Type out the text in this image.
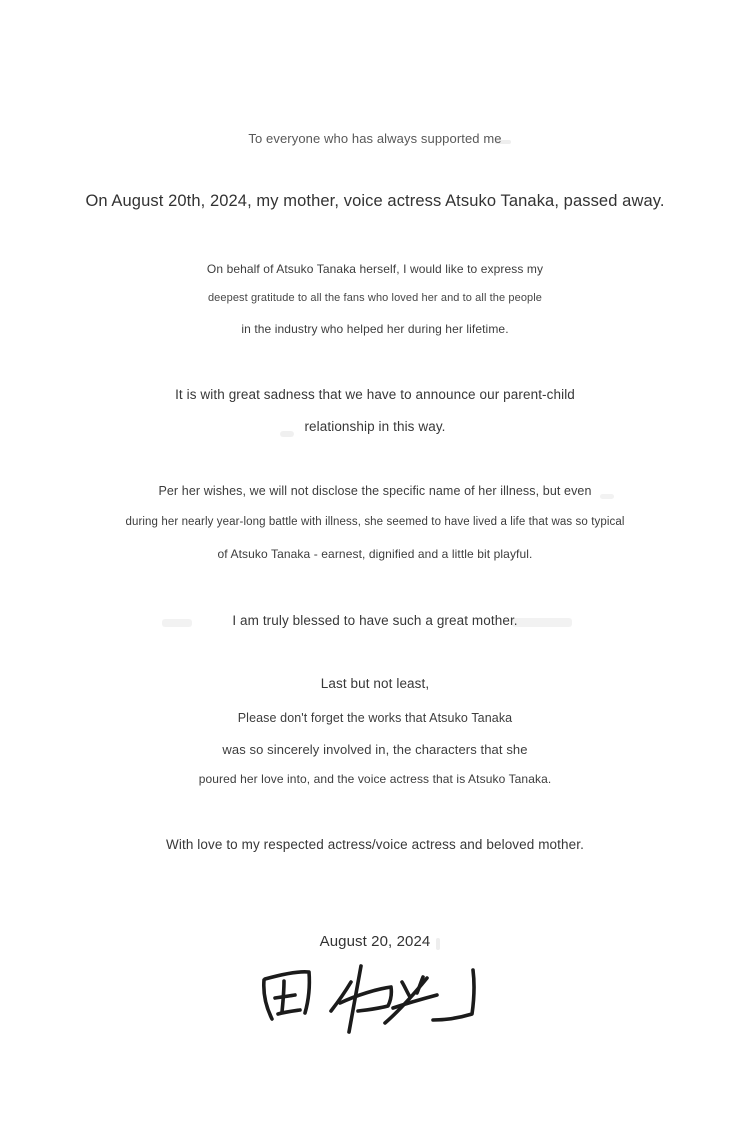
To everyone who has always supported me

On August 20th, 2024, my mother, voice actress Atsuko Tanaka, passed away.

On behalf of Atsuko Tanaka herself, I would like to express my

deepest gratitude to all the fans who loved her and to all the people

in the industry who helped her during her lifetime.

It is with great sadness that we have to announce our parent-child

relationship in this way.

Per her wishes, we will not disclose the specific name of her illness, but even

during her nearly year-long battle with illness, she seemed to have lived a life that was so typical

of Atsuko Tanaka - earnest, dignified and a little bit playful.

I am truly blessed to have such a great mother.

Last but not least,

Please don't forget the works that Atsuko Tanaka

was so sincerely involved in, the characters that she

poured her love into, and the voice actress that is Atsuko Tanaka.

With love to my respected actress/voice actress and beloved mother.

August 20, 2024
